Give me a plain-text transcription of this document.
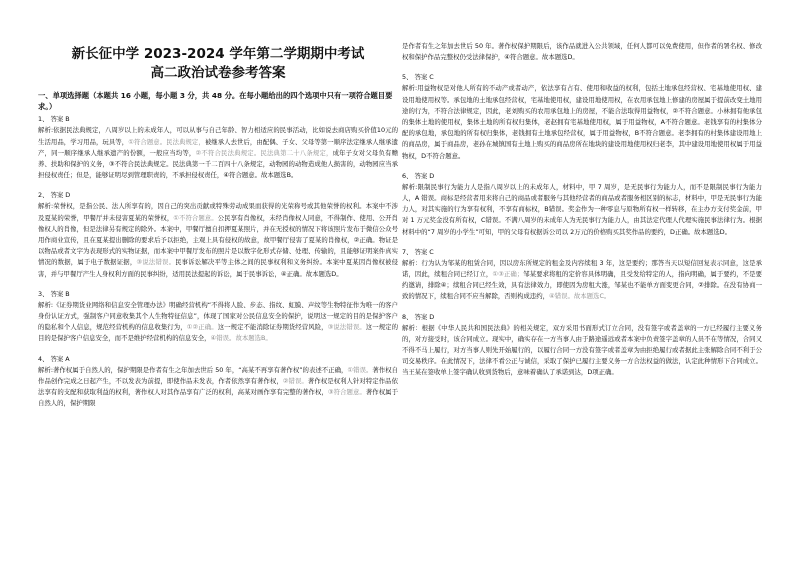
新长征中学 2023-2024 学年第二学期期中考试
高二政治试卷参考答案
一、单项选择题（本题共 16 小题，每小题 3 分，共 48 分。在每小题给出的四个选项中只有一项符合题目要求。）
1、 答案 B
解析:依据民法典规定，八周岁以上的未成年人，可以从事与自己年龄、智力相适应的民事活动，比如说去商店购买价值10元的生活用品，学习用品，玩具等，①符合题意。民法典规定，被继承人去世后，由配偶、子女、父母等第一顺序法定继承人继承遗产，同一顺序继承人继承遗产的份额，一般应当均等，②不符合民法典规定。民法典第二十八条规定，成年子女对父母负有赡养、扶助和保护的义务，③不符合民法典规定。民法典第一千二百四十八条规定，动物园的动物造成他人损害的，动物园应当承担侵权责任；但是，能够证明尽到管理职责的，不承担侵权责任，④符合题意。故本题选B。
2、 答案 D
解析:荣誉权，是指公民、法人所享有的，因自己的突出贡献或特殊劳动成果而获得的光荣称号或其他荣誉的权利。本案中不涉及夏某的荣誉，甲餐厅并未侵害夏某的荣誉权，①不符合题意。公民享有肖像权，未经肖像权人同意，不得制作、使用、公开肖像权人的肖像，但是法律另有规定的除外。本案中，甲餐厅擅自扣押夏某照片，并在无授权的情况下将该照片发布于微信公众号用作商业宣传，且在夏某提出删除的要求后予以拒绝，主观上具有侵权的故意，故甲餐厅侵害了夏某的肖像权，②正确。物证是以物品或者文字为表现形式的实物证据，而本案中甲餐厅发布的照片是以数字化形式存储、处理、传输的，且能够证明案件真实情况的数据，属于电子数据证据，③说法错误。民事诉讼解决平等主体之间的民事权利和义务纠纷。本案中夏某因肖像权被侵害，并与甲餐厅产生人身权利方面的民事纠纷，适用民法提起的诉讼，属于民事诉讼，④正确。故本题选D。
3、 答案 B
解析:《证券期货业网络和信息安全管理办法》明确经营机构“不得将人脸、步态、指纹、虹膜、声纹等生物特征作为唯一的客户身份认证方式，强制客户同意收集其个人生物特征信息”，体现了国家对公民信息安全的保护，说明这一规定的目的是保护客户的隐私和个人信息，规范经营机构的信息收集行为，①②正确。这一规定不能消除证券期货经营风险，③说法错误。这一规定的目的是保护客户信息安全，而不是维护经营机构的信息安全，④错误。故本题选B。
4、 答案 A
解析:著作权属于自然人的，保护期限是作者有生之年加去世后 50 年，“高某不再享有著作权”的表述不正确，①错误。著作权自作品创作完成之日起产生，不以发表为前提，即使作品未发表，作者依然享有著作权，②错误。著作权是权利人针对特定作品依法享有的支配和获取利益的权利，著作权人对其作品享有广泛的权利，高某对画作享有完整的著作权，③符合题意。著作权属于自然人的，保护期限
是作者有生之年加去世后 50 年。著作权保护期限后，该作品就进入公共领域，任何人都可以免费使用，但作者的署名权、修改权和保护作品完整权仍受法律保护，④符合题意。故本题选D。
5、 答案 C
解析:用益物权是对他人所有的不动产或者动产，依法享有占有、使用和收益的权利，包括土地承包经营权、宅基地使用权、建设用地使用权等。承包地的土地承包经营权，宅基地使用权，建设用地使用权，在农用承包地上修建的房屋属于提前改变土地用途的行为，不符合法律规定，因此，老刘购买的农用承包地上的房屋，不能合法取得用益物权，②不符合题意。小林拥有他承包的集体土地的使用权，集体土地的所有权归集体，老赵拥有宅基地使用权，属于用益物权，A不符合题意。老钱享有的村集体分配的承包地，承包地的所有权归集体，老钱拥有土地承包经营权，属于用益物权，B不符合题意。老李拥有的村集体建设用地上的商品房，属于商品房，老孙在城镇国有土地上购买的商品房所在地块的建设用地使用权归老李，其中建设用地使用权属于用益物权，D不符合题意。
6、 答案 D
解析:限制民事行为能力人是指八周岁以上的未成年人，材料中，甲 7 周岁，是无民事行为能力人，而不是限制民事行为能力人，A 错误。商标是经营者用来将自己的商品或者服务与其他经营者的商品或者服务相区别的标志，材料中，甲是无民事行为能力人，对其实施的行为享有权利，不享有商标权，B错误。奖金作为一种零息与原物所有权一样转移，在主办方支付奖金前，甲对 1 万元奖金没有所有权，C错误。不满八周岁的未成年人为无民事行为能力人，由其法定代理人代理实施民事法律行为。根据材料中的“7 周岁的小学生”可知，甲的父母有权据诉公司以 2万元的价格购买其奖作品的要约，D正确。故本题选D。
7、 答案 C
解析：行为认为邹某的租赁合同，因以房东所规定的租金及内容续租 3 年，这是要约；那答当天以短信回复表示同意，这是承诺，因此，续租合同已经订立，①③正确；邹某要求将租的定价容具体明确，且受发给特定的人，指向明确，属于要约，不是要约邀请，排除④；续租合同已经生效，具有法律效力，即使因为房租大涨，邹某也不能单方面变更合同，②排除。在没有协商一致的情况下，续租合同不应当解除，否则构成违约，④错误。故本题选C。
8、 答案 D
解析：根据《中华人民共和国民法典》的相关规定，双方采用书面形式订立合同，没有签字或者盖章的一方已经履行主要义务的，对方接受时，该合同成立。现实中，确实存在一方当事人由于路途遥远或者本案中负责签字盖章的人员不在等情况，合同又不得不马上履行，对方当事人则先开始履行的，以履行合同一方没有签字或者盖章为由拒绝履行或者据此主张解除合同不利于公司交易秩序。在此情况下，法律不看公正与诚信，采取了保护已履行主要义务一方合法权益的做法，认定此种情形下合同成立。当王某在签收单上签字确认收到货物后，意味着确认了承诺到达，D项正确。
